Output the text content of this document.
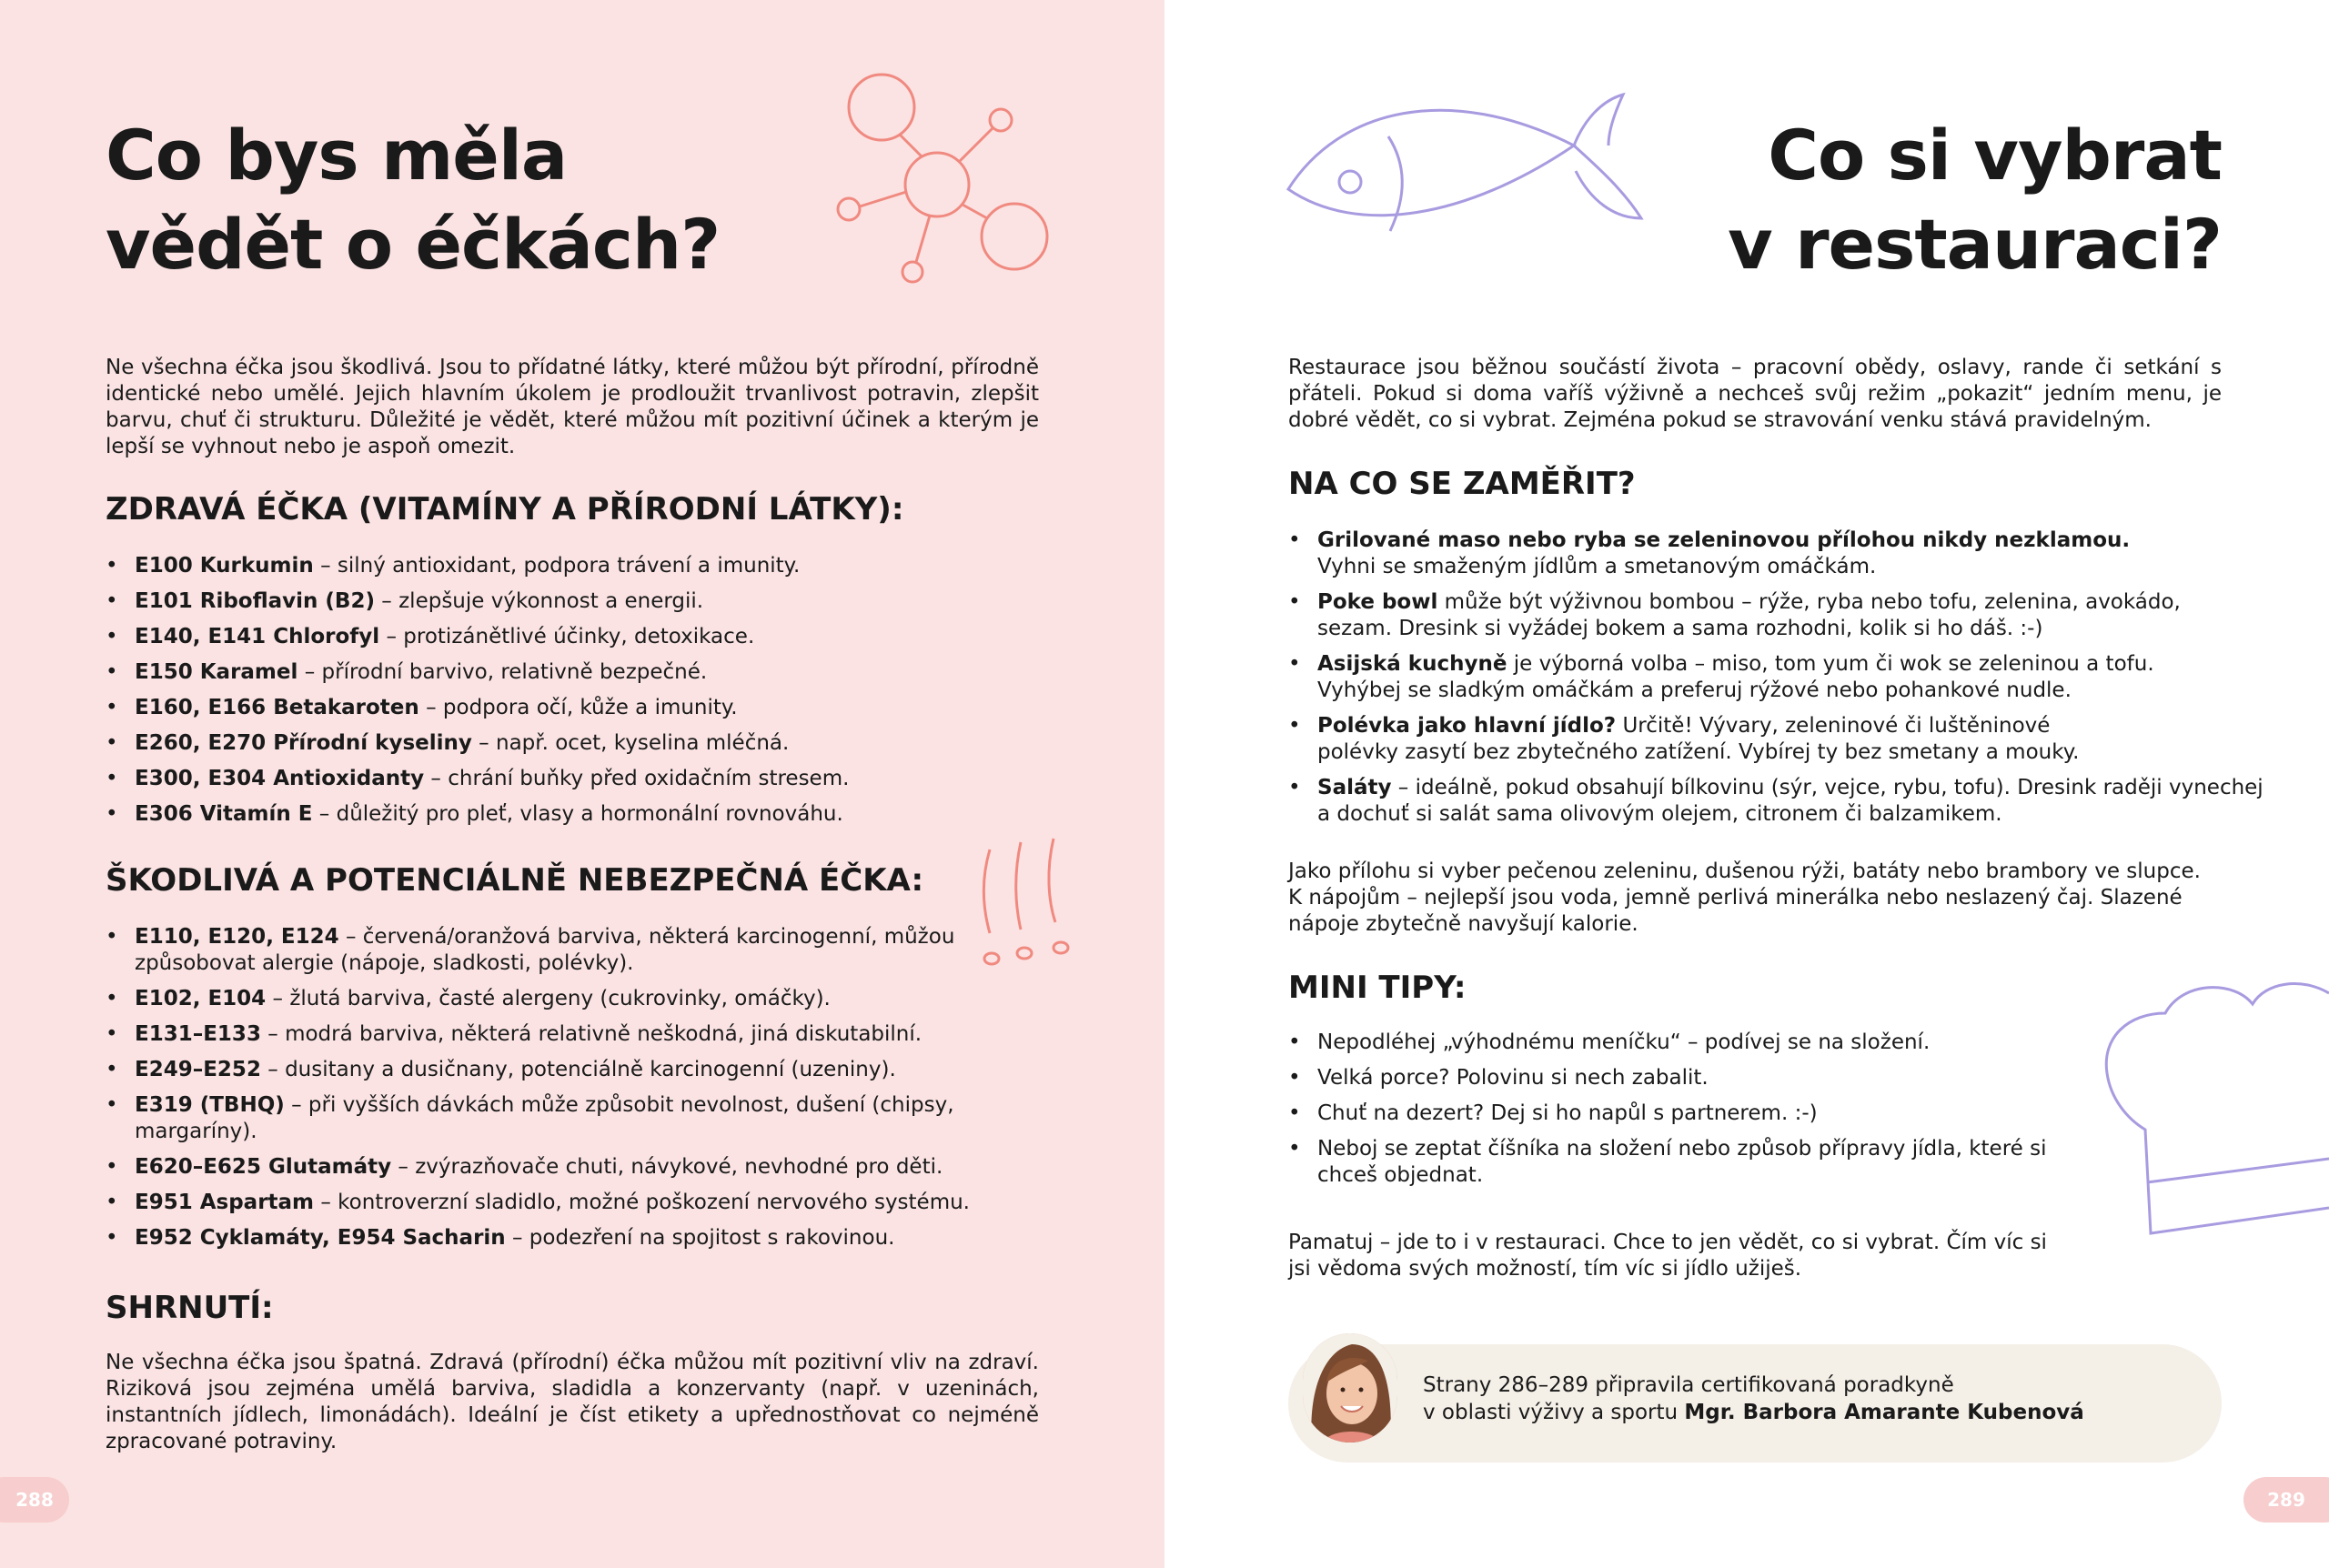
Co bys měla
vědět o éčkách?

Ne všechna éčka jsou škodlivá. Jsou to přídatné látky, které můžou být přírodní, přírodně identické nebo umělé. Jejich hlavním úkolem je prodloužit trvanlivost potravin, zlepšit barvu, chuť či strukturu. Důležité je vědět, které můžou mít pozitivní účinek a kterým je lepší se vyhnout nebo je aspoň omezit.

ZDRAVÁ ÉČKA (VITAMÍNY A PŘÍRODNÍ LÁTKY):
• E100 Kurkumin – silný antioxidant, podpora trávení a imunity.
• E101 Riboflavin (B2) – zlepšuje výkonnost a energii.
• E140, E141 Chlorofyl – protizánětlivé účinky, detoxikace.
• E150 Karamel – přírodní barvivo, relativně bezpečné.
• E160, E166 Betakaroten – podpora očí, kůže a imunity.
• E260, E270 Přírodní kyseliny – např. ocet, kyselina mléčná.
• E300, E304 Antioxidanty – chrání buňky před oxidačním stresem.
• E306 Vitamín E – důležitý pro pleť, vlasy a hormonální rovnováhu.
ŠKODLIVÁ A POTENCIÁLNĚ NEBEZPEČNÁ ÉČKA:
• E110, E120, E124 – červená/oranžová barviva, některá karcinogenní, můžou způsobovat alergie (nápoje, sladkosti, polévky).
• E102, E104 – žlutá barviva, časté alergeny (cukrovinky, omáčky).
• E131–E133 – modrá barviva, některá relativně neškodná, jiná diskutabilní.
• E249–E252 – dusitany a dusičnany, potenciálně karcinogenní (uzeniny).
• E319 (TBHQ) – při vyšších dávkách může způsobit nevolnost, dušení (chipsy, margaríny).
• E620–E625 Glutamáty – zvýrazňovače chuti, návykové, nevhodné pro děti.
• E951 Aspartam – kontroverzní sladidlo, možné poškození nervového systému.
• E952 Cyklamáty, E954 Sacharin – podezření na spojitost s rakovinou.
SHRNUTÍ:

Ne všechna éčka jsou špatná. Zdravá (přírodní) éčka můžou mít pozitivní vliv na zdraví. Riziková jsou zejména umělá barviva, sladidla a konzervanty (např. v uzeninách, instantních jídlech, limonádách). Ideální je číst etikety a upřednostňovat co nejméně zpracované potraviny.

288
Co si vybrat
v restauraci?

Restaurace jsou běžnou součástí života – pracovní obědy, oslavy, rande či setkání s přáteli. Pokud si doma vaříš výživně a nechceš svůj režim „pokazit“ jedním menu, je dobré vědět, co si vybrat. Zejména pokud se stravování venku stává pravidelným.

NA CO SE ZAMĚŘIT?
• Grilované maso nebo ryba se zeleninovou přílohou nikdy nezklamou. Vyhni se smaženým jídlům a smetanovým omáčkám.
• Poke bowl může být výživnou bombou – rýže, ryba nebo tofu, zelenina, avokádo, sezam. Dresink si vyžádej bokem a sama rozhodni, kolik si ho dáš. :-)
• Asijská kuchyně je výborná volba – miso, tom yum či wok se zeleninou a tofu. Vyhýbej se sladkým omáčkám a preferuj rýžové nebo pohankové nudle.
• Polévka jako hlavní jídlo? Určitě! Vývary, zeleninové či luštěninové polévky zasytí bez zbytečného zatížení. Vybírej ty bez smetany a mouky.
• Saláty – ideálně, pokud obsahují bílkovinu (sýr, vejce, rybu, tofu). Dresink raději vynechej a dochuť si salát sama olivovým olejem, citronem či balzamikem.

Jako přílohu si vyber pečenou zeleninu, dušenou rýži, batáty nebo brambory ve slupce. K nápojům – nejlepší jsou voda, jemně perlivá minerálka nebo neslazený čaj. Slazené nápoje zbytečně navyšují kalorie.

MINI TIPY:
• Nepodléhej „výhodnému meníčku“ – podívej se na složení.
• Velká porce? Polovinu si nech zabalit.
• Chuť na dezert? Dej si ho napůl s partnerem. :-)
• Neboj se zeptat číšníka na složení nebo způsob přípravy jídla, které si chceš objednat.

Pamatuj – jde to i v restauraci. Chce to jen vědět, co si vybrat. Čím víc si jsi vědoma svých možností, tím víc si jídlo užiješ.

Strany 286–289 připravila certifikovaná poradkyně
v oblasti výživy a sportu Mgr. Barbora Amarante Kubenová
289
